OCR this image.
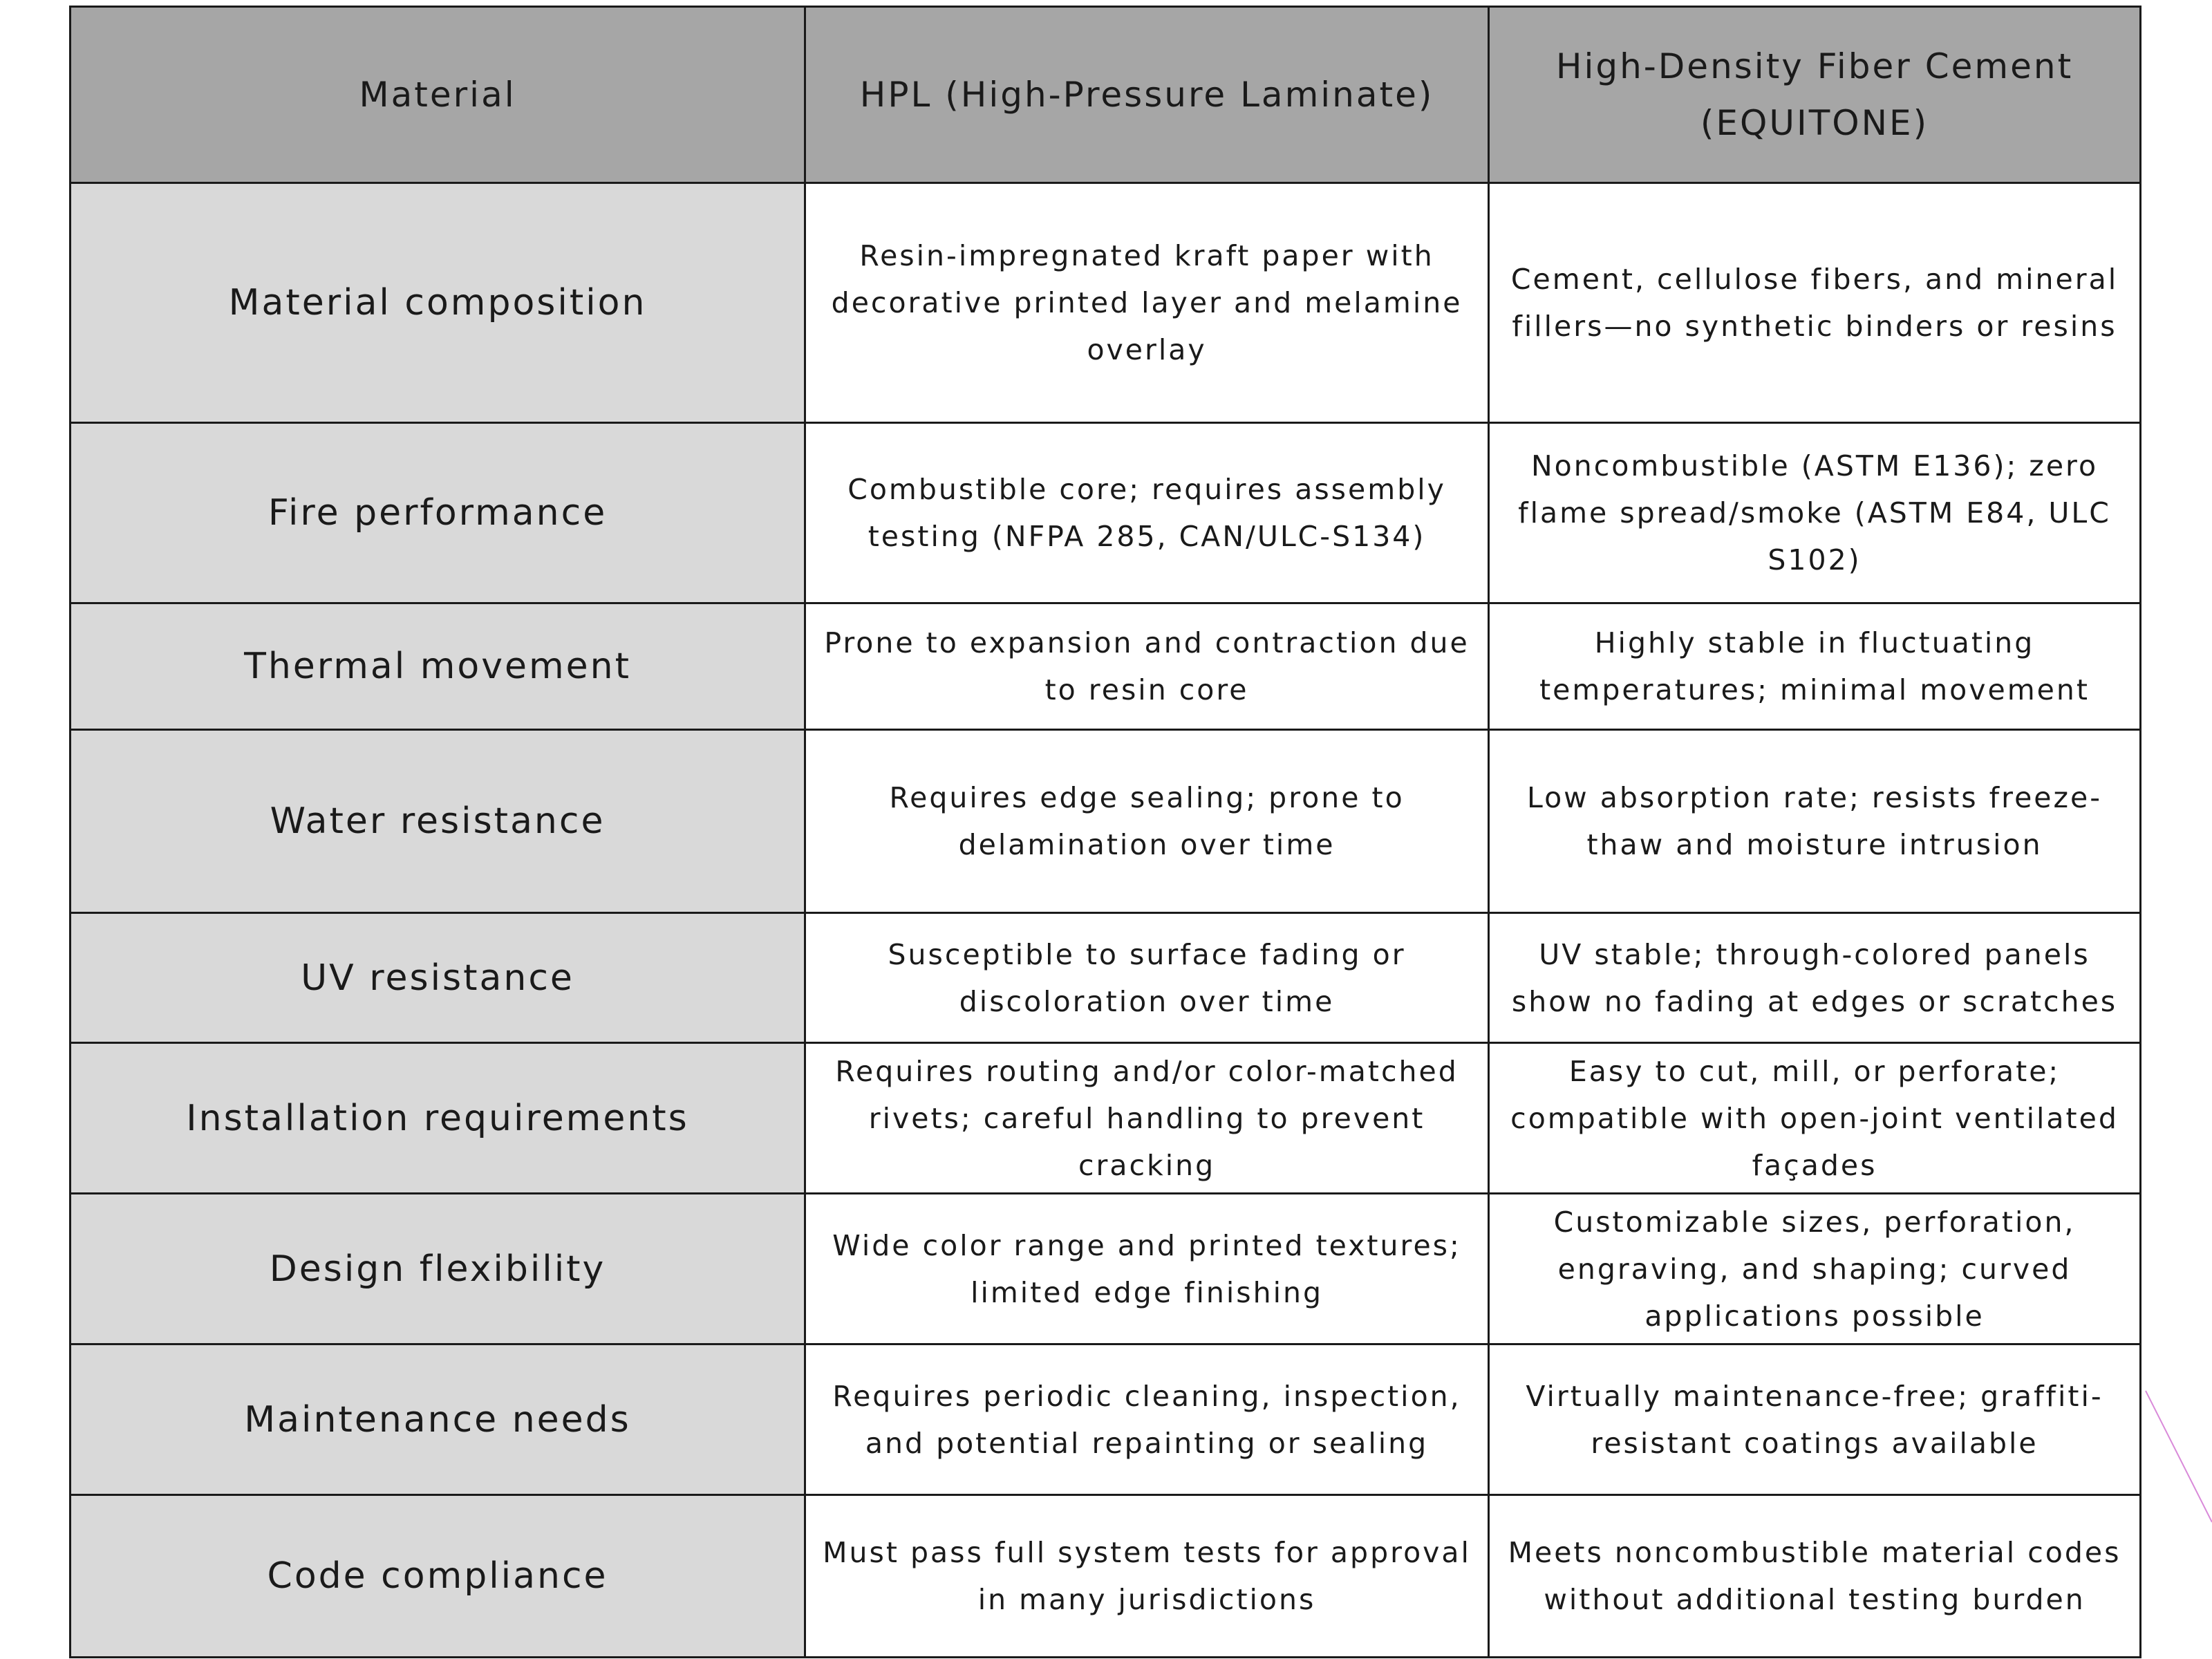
Material	HPL (High-Pressure Laminate)	High-Density Fiber Cement (EQUITONE)
Material composition	Resin-impregnated kraft paper with decorative printed layer and melamine overlay	Cement, cellulose fibers, and mineral fillers—no synthetic binders or resins
Fire performance	Combustible core; requires assembly testing (NFPA 285, CAN/ULC-S134)	Noncombustible (ASTM E136); zero flame spread/smoke (ASTM E84, ULC S102)
Thermal movement	Prone to expansion and contraction due to resin core	Highly stable in fluctuating temperatures; minimal movement
Water resistance	Requires edge sealing; prone to delamination over time	Low absorption rate; resists freeze-thaw and moisture intrusion
UV resistance	Susceptible to surface fading or discoloration over time	UV stable; through-colored panels show no fading at edges or scratches
Installation requirements	Requires routing and/or color-matched rivets; careful handling to prevent cracking	Easy to cut, mill, or perforate; compatible with open-joint ventilated façades
Design flexibility	Wide color range and printed textures; limited edge finishing	Customizable sizes, perforation, engraving, and shaping; curved applications possible
Maintenance needs	Requires periodic cleaning, inspection, and potential repainting or sealing	Virtually maintenance-free; graffiti-resistant coatings available
Code compliance	Must pass full system tests for approval in many jurisdictions	Meets noncombustible material codes without additional testing burden
